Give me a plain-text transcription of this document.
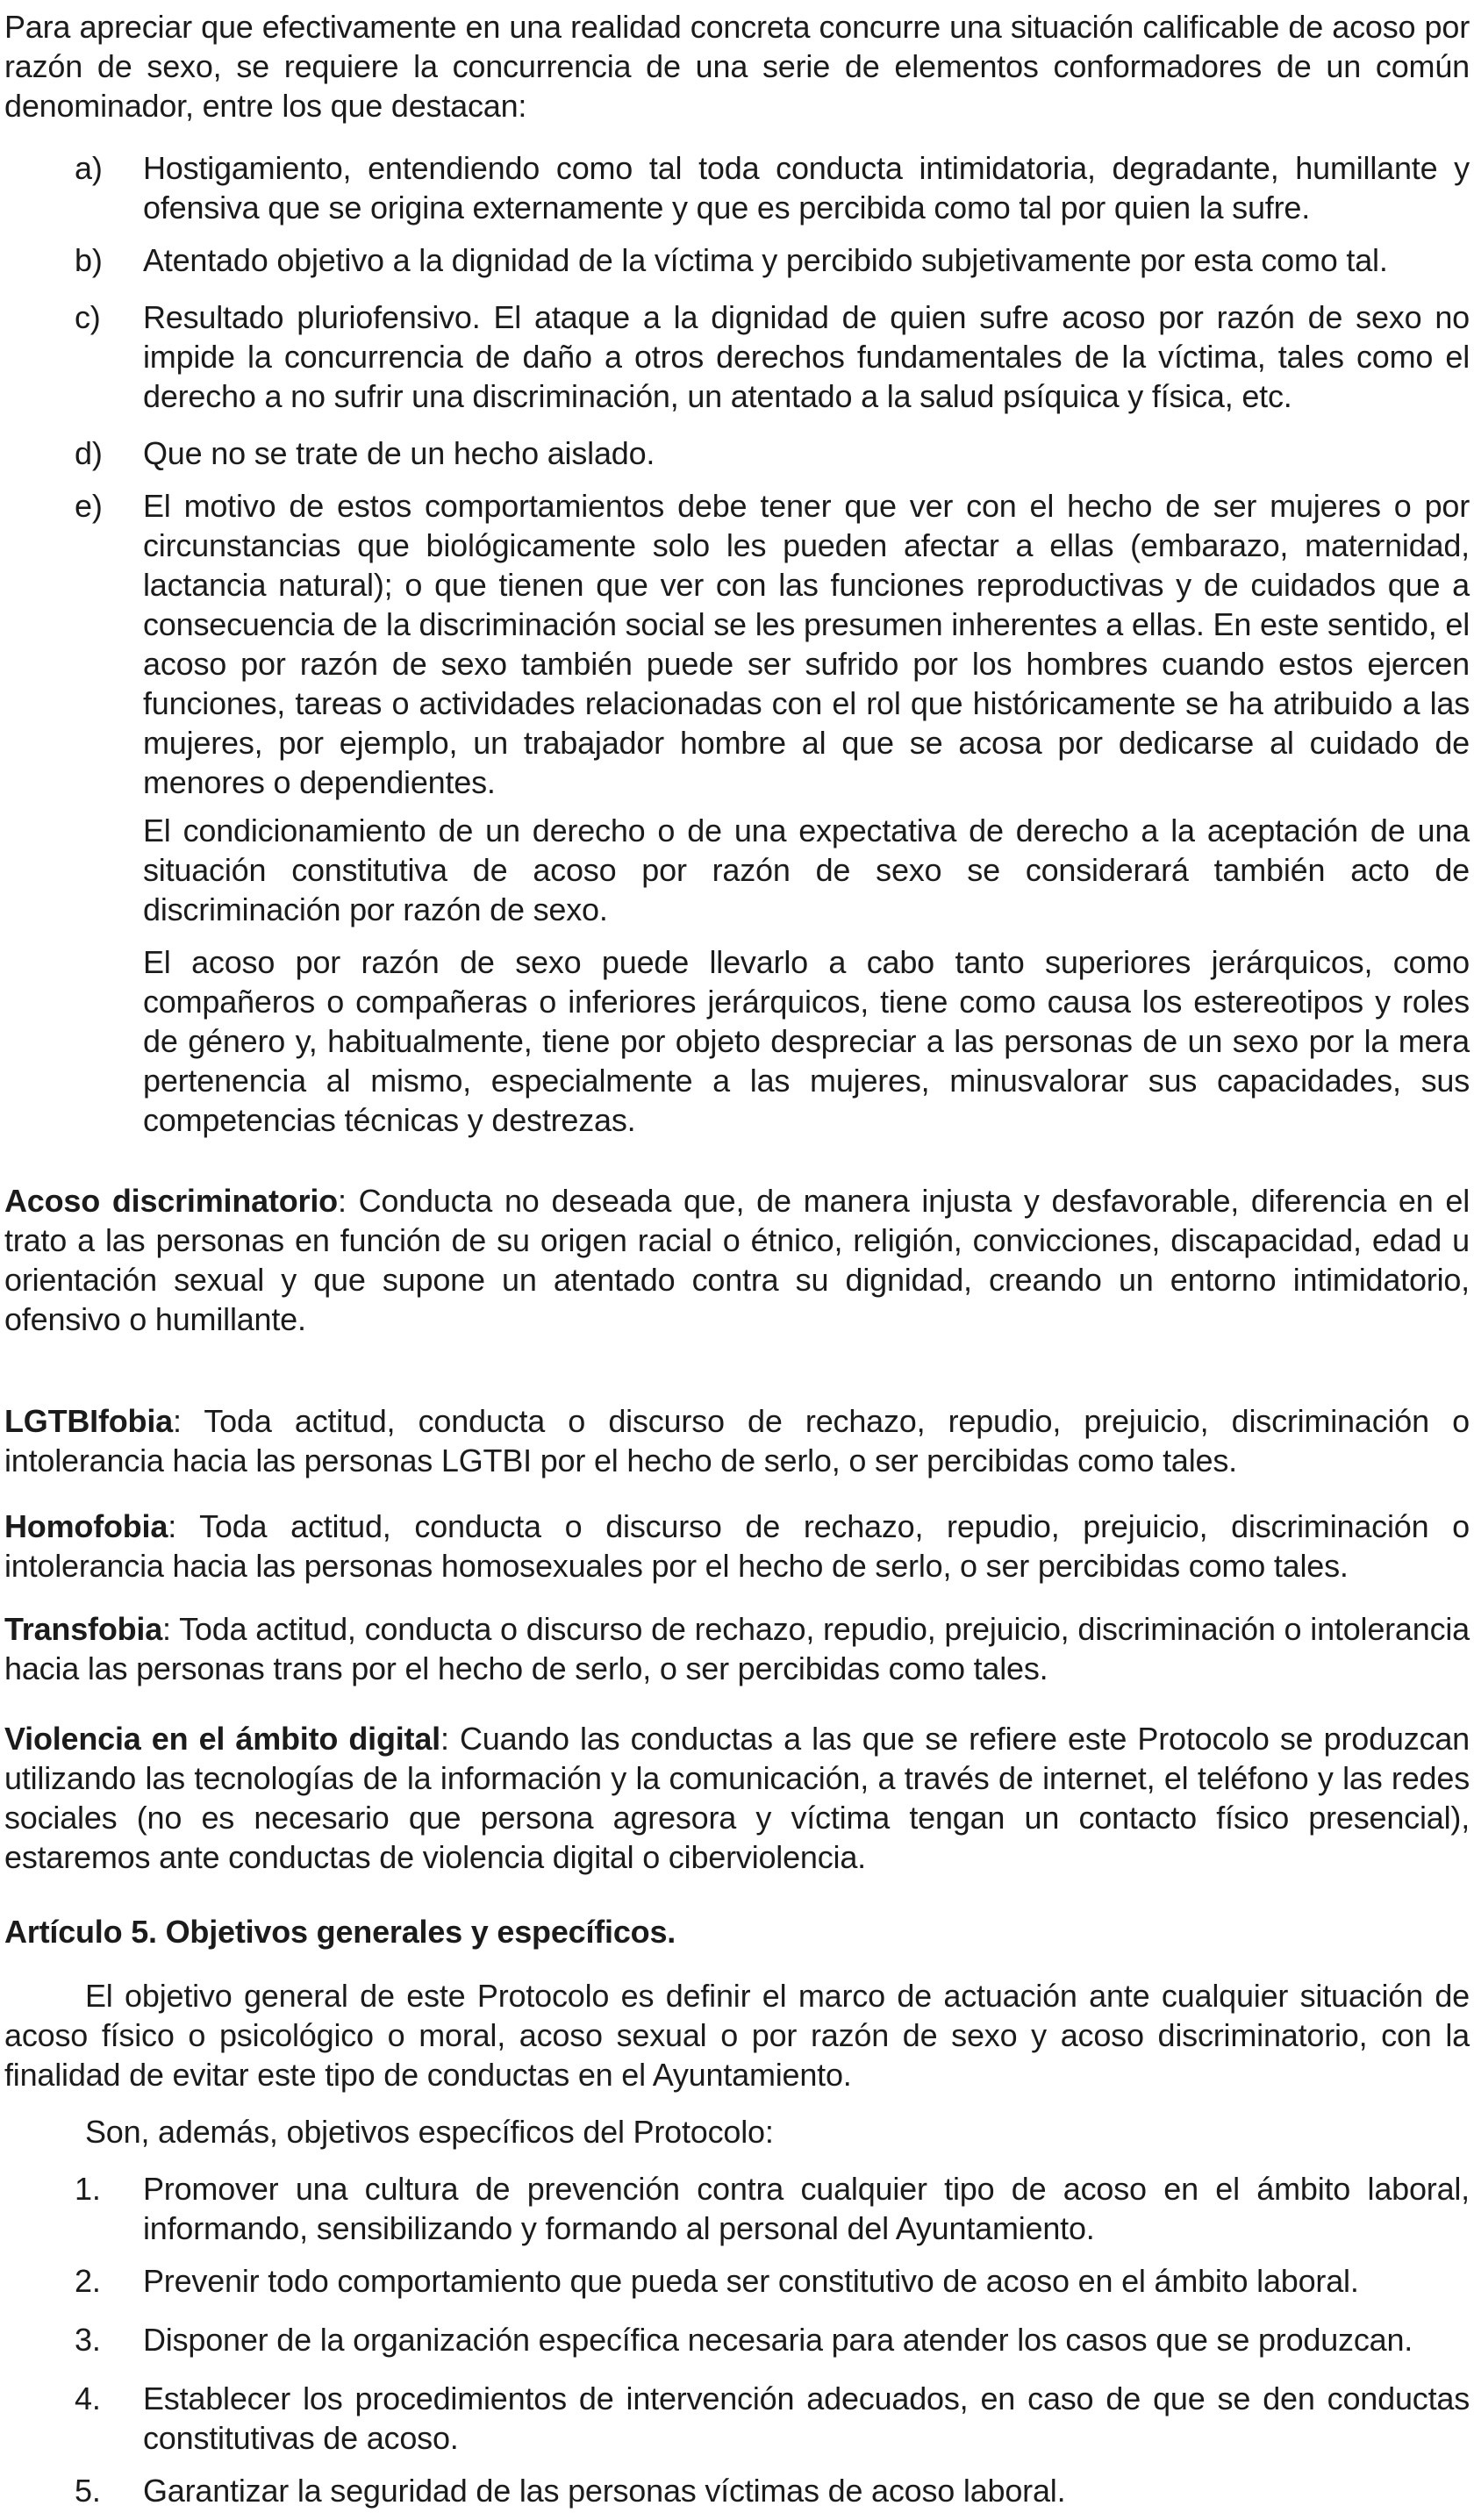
Para apreciar que efectivamente en una realidad concreta concurre una situación calificable de acoso por razón de sexo, se requiere la concurrencia de una serie de elementos conformadores de un común denominador, entre los que destacan:

a) Hostigamiento, entendiendo como tal toda conducta intimidatoria, degradante, humillante y ofensiva que se origina externamente y que es percibida como tal por quien la sufre.
b) Atentado objetivo a la dignidad de la víctima y percibido subjetivamente por esta como tal.
c) Resultado pluriofensivo. El ataque a la dignidad de quien sufre acoso por razón de sexo no impide la concurrencia de daño a otros derechos fundamentales de la víctima, tales como el derecho a no sufrir una discriminación, un atentado a la salud psíquica y física, etc.
d) Que no se trate de un hecho aislado.
e) El motivo de estos comportamientos debe tener que ver con el hecho de ser mujeres o por circunstancias que biológicamente solo les pueden afectar a ellas (embarazo, maternidad, lactancia natural); o que tienen que ver con las funciones reproductivas y de cuidados que a consecuencia de la discriminación social se les presumen inherentes a ellas. En este sentido, el acoso por razón de sexo también puede ser sufrido por los hombres cuando estos ejercen funciones, tareas o actividades relacionadas con el rol que históricamente se ha atribuido a las mujeres, por ejemplo, un trabajador hombre al que se acosa por dedicarse al cuidado de menores o dependientes.

El condicionamiento de un derecho o de una expectativa de derecho a la aceptación de una situación constitutiva de acoso por razón de sexo se considerará también acto de discriminación por razón de sexo.

El acoso por razón de sexo puede llevarlo a cabo tanto superiores jerárquicos, como compañeros o compañeras o inferiores jerárquicos, tiene como causa los estereotipos y roles de género y, habitualmente, tiene por objeto despreciar a las personas de un sexo por la mera pertenencia al mismo, especialmente a las mujeres, minusvalorar sus capacidades, sus competencias técnicas y destrezas.

Acoso discriminatorio: Conducta no deseada que, de manera injusta y desfavorable, diferencia en el trato a las personas en función de su origen racial o étnico, religión, convicciones, discapacidad, edad u orientación sexual y que supone un atentado contra su dignidad, creando un entorno intimidatorio, ofensivo o humillante.

LGTBIfobia: Toda actitud, conducta o discurso de rechazo, repudio, prejuicio, discriminación o intolerancia hacia las personas LGTBI por el hecho de serlo, o ser percibidas como tales.

Homofobia: Toda actitud, conducta o discurso de rechazo, repudio, prejuicio, discriminación o intolerancia hacia las personas homosexuales por el hecho de serlo, o ser percibidas como tales.

Transfobia: Toda actitud, conducta o discurso de rechazo, repudio, prejuicio, discriminación o intolerancia hacia las personas trans por el hecho de serlo, o ser percibidas como tales.

Violencia en el ámbito digital: Cuando las conductas a las que se refiere este Protocolo se produzcan utilizando las tecnologías de la información y la comunicación, a través de internet, el teléfono y las redes sociales (no es necesario que persona agresora y víctima tengan un contacto físico presencial), estaremos ante conductas de violencia digital o ciberviolencia.

Artículo 5. Objetivos generales y específicos.

El objetivo general de este Protocolo es definir el marco de actuación ante cualquier situación de acoso físico o psicológico o moral, acoso sexual o por razón de sexo y acoso discriminatorio, con la finalidad de evitar este tipo de conductas en el Ayuntamiento.

Son, además, objetivos específicos del Protocolo:

1. Promover una cultura de prevención contra cualquier tipo de acoso en el ámbito laboral, informando, sensibilizando y formando al personal del Ayuntamiento.
2. Prevenir todo comportamiento que pueda ser constitutivo de acoso en el ámbito laboral.
3. Disponer de la organización específica necesaria para atender los casos que se produzcan.
4. Establecer los procedimientos de intervención adecuados, en caso de que se den conductas constitutivas de acoso.
5. Garantizar la seguridad de las personas víctimas de acoso laboral.
